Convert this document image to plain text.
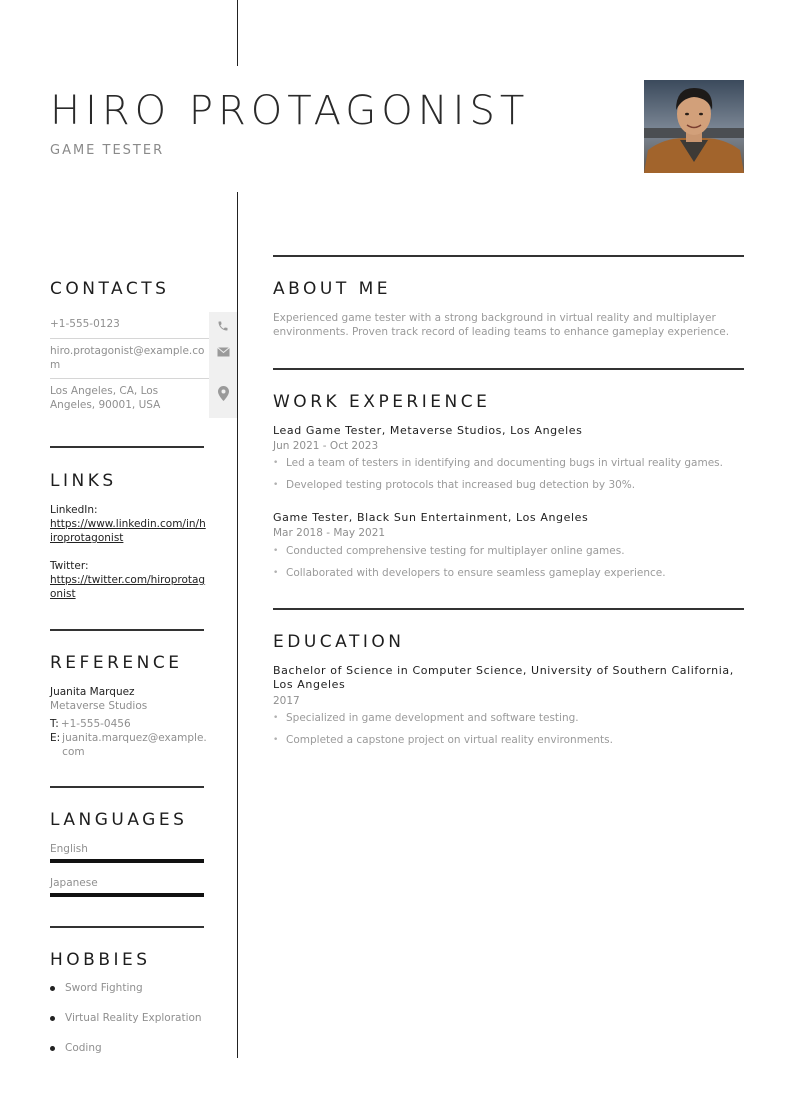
HIRO PROTAGONIST
GAME TESTER
CONTACTS
+1-555-0123
hiro.protagonist@example.com
Los Angeles, CA, Los Angeles, 90001, USA
LINKS
LinkedIn:
https://www.linkedin.com/in/hiroprotagonist
Twitter:
https://twitter.com/hiroprotagonist
REFERENCE
Juanita Marquez
Metaverse Studios
T: +1-555-0456
E: juanita.marquez@example.com
LANGUAGES
English
Japanese
HOBBIES
Sword Fighting
Virtual Reality Exploration
Coding
ABOUT ME
Experienced game tester with a strong background in virtual reality and multiplayer environments. Proven track record of leading teams to enhance gameplay experience.
WORK EXPERIENCE
Lead Game Tester, Metaverse Studios, Los Angeles
Jun 2021 - Oct 2023
• Led a team of testers in identifying and documenting bugs in virtual reality games.
• Developed testing protocols that increased bug detection by 30%.
Game Tester, Black Sun Entertainment, Los Angeles
Mar 2018 - May 2021
• Conducted comprehensive testing for multiplayer online games.
• Collaborated with developers to ensure seamless gameplay experience.
EDUCATION
Bachelor of Science in Computer Science, University of Southern California, Los Angeles
2017
• Specialized in game development and software testing.
• Completed a capstone project on virtual reality environments.
